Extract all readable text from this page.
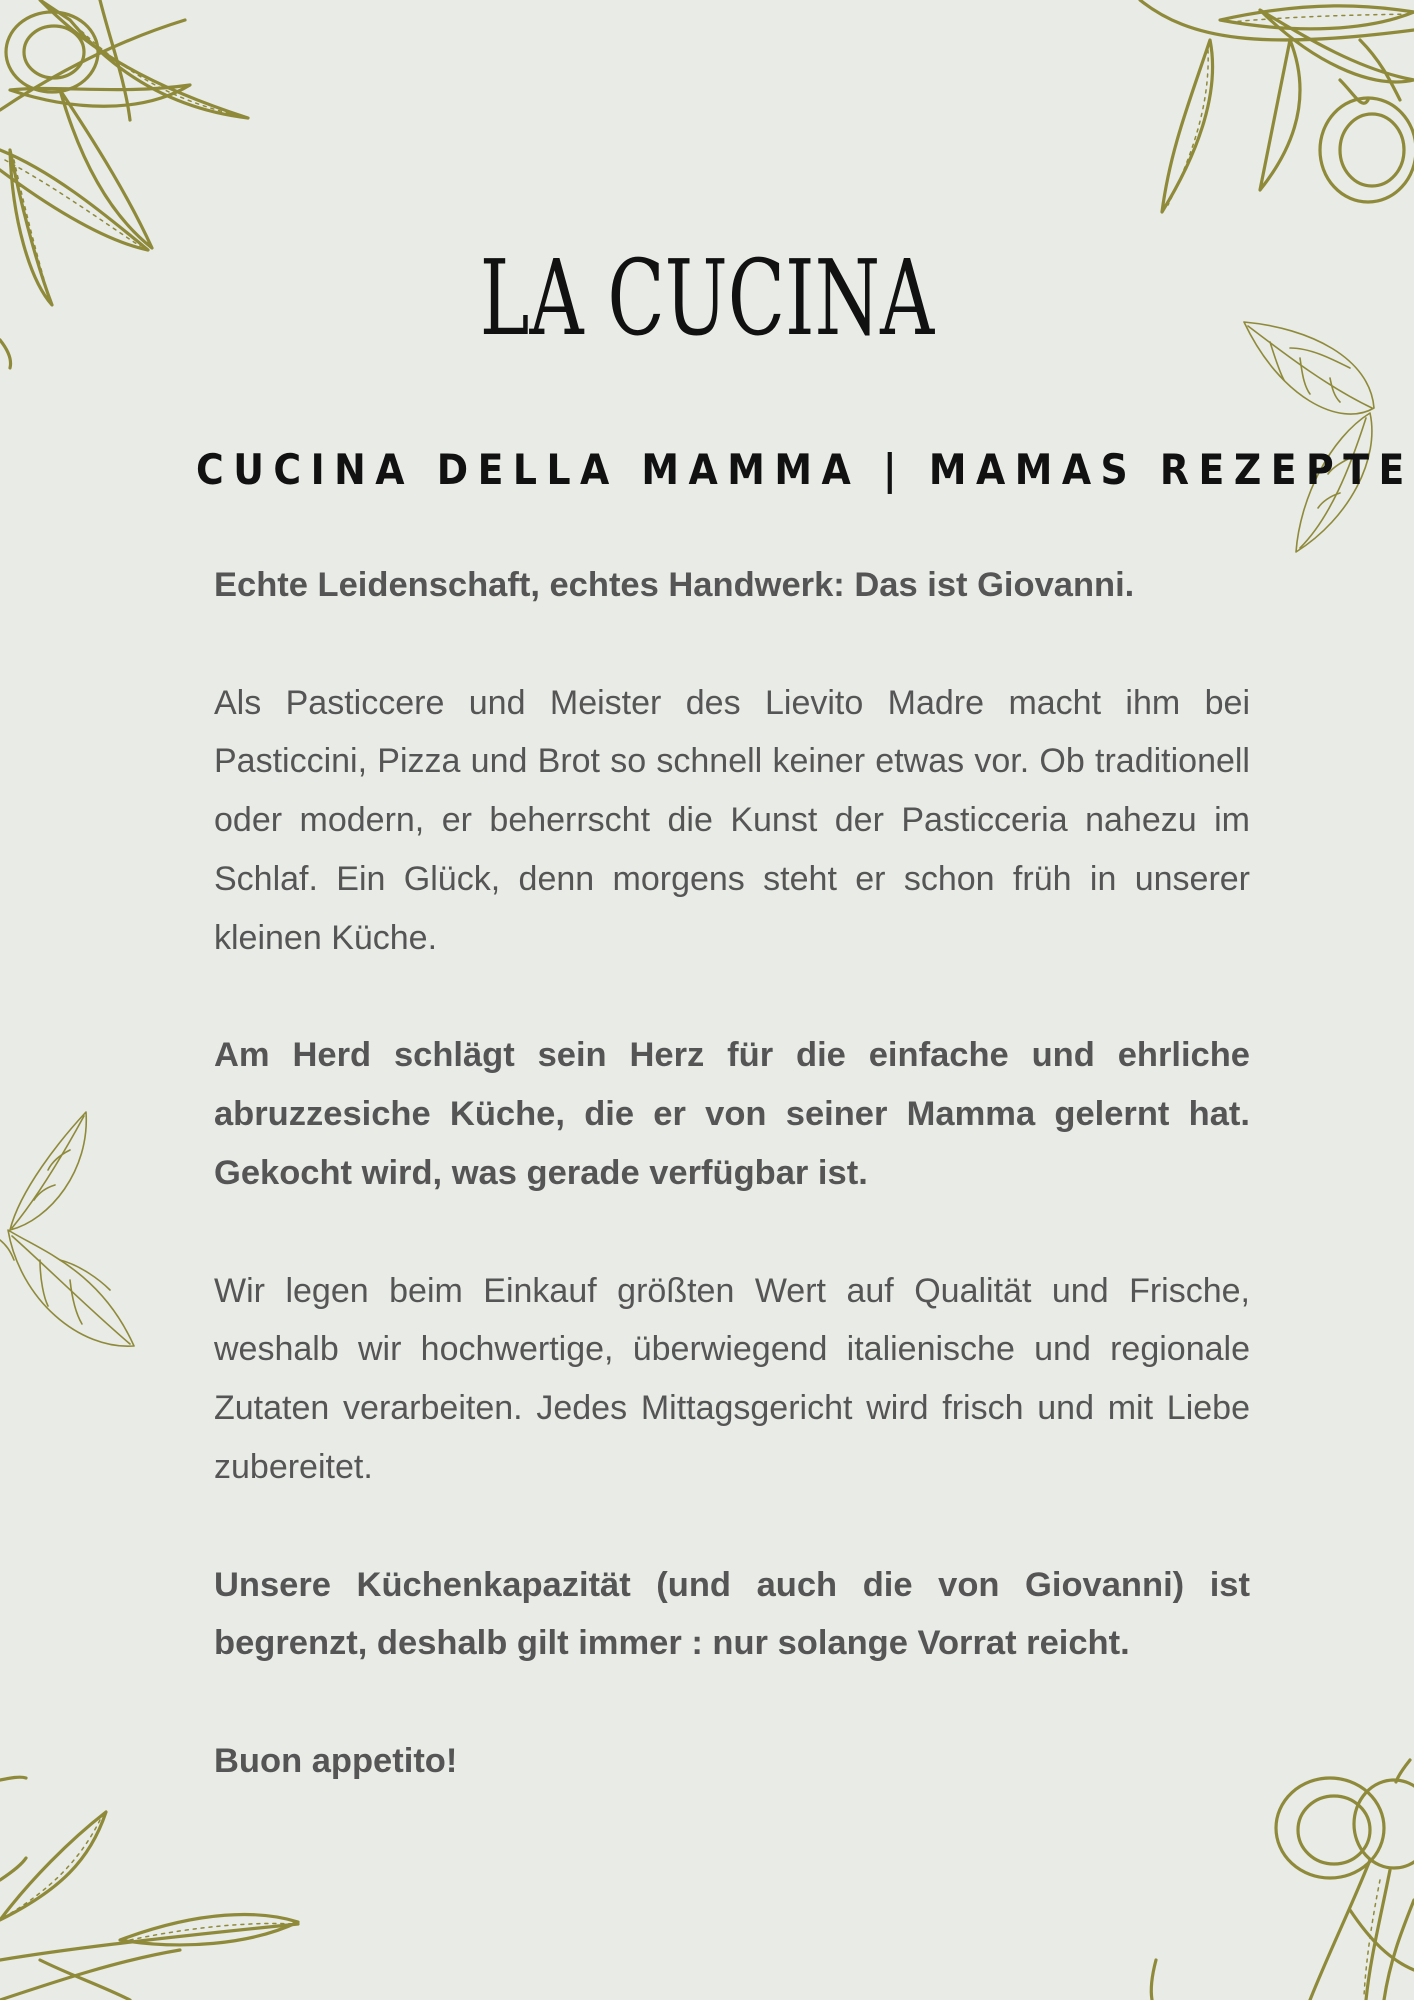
LA CUCINA
CUCINA DELLA MAMMA | MAMAS REZEPTE

Echte Leidenschaft, echtes Handwerk: Das ist Giovanni.

Als Pasticcere und Meister des Lievito Madre macht ihm bei Pasticcini, Pizza und Brot so schnell keiner etwas vor. Ob traditionell oder modern, er beherrscht die Kunst der Pasticceria nahezu im Schlaf. Ein Glück, denn morgens steht er schon früh in unserer kleinen Küche.

Am Herd schlägt sein Herz für die einfache und ehrliche abruzzesiche Küche, die er von seiner Mamma gelernt hat. Gekocht wird, was gerade verfügbar ist.

Wir legen beim Einkauf größten Wert auf Qualität und Frische, weshalb wir hochwertige, überwiegend italienische und regionale Zutaten verarbeiten. Jedes Mittagsgericht wird frisch und mit Liebe zubereitet.

Unsere Küchenkapazität (und auch die von Giovanni) ist begrenzt, deshalb gilt immer : nur solange Vorrat reicht.

Buon appetito!
